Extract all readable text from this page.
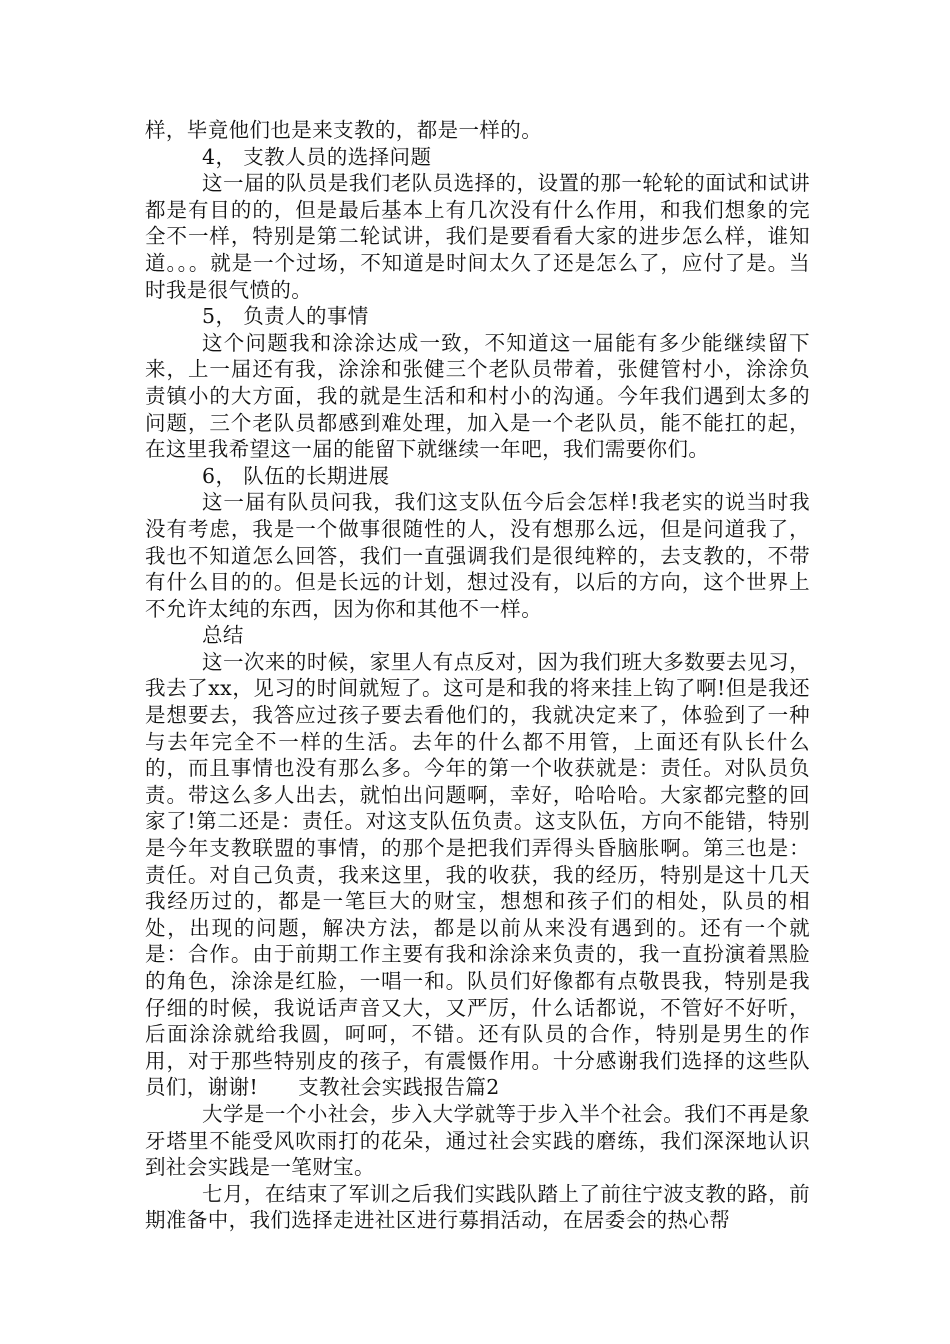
样，毕竟他们也是来支教的，都是一样的。

4， 支教人员的选择问题

这一届的队员是我们老队员选择的，设置的那一轮轮的面试和试讲都是有目的的，但是最后基本上有几次没有什么作用，和我们想象的完全不一样，特别是第二轮试讲，我们是要看看大家的进步怎么样，谁知道。。。就是一个过场，不知道是时间太久了还是怎么了，应付了是。当时我是很气愤的。

5， 负责人的事情

这个问题我和涂涂达成一致，不知道这一届能有多少能继续留下来，上一届还有我，涂涂和张健三个老队员带着，张健管村小，涂涂负责镇小的大方面，我的就是生活和和村小的沟通。今年我们遇到太多的问题，三个老队员都感到难处理，加入是一个老队员，能不能扛的起，在这里我希望这一届的能留下就继续一年吧，我们需要你们。

6， 队伍的长期进展

这一届有队员问我，我们这支队伍今后会怎样!我老实的说当时我没有考虑，我是一个做事很随性的人，没有想那么远，但是问道我了，我也不知道怎么回答，我们一直强调我们是很纯粹的，去支教的，不带有什么目的的。但是长远的计划，想过没有，以后的方向，这个世界上不允许太纯的东西，因为你和其他不一样。

总结

这一次来的时候，家里人有点反对，因为我们班大多数要去见习，我去了xx，见习的时间就短了。这可是和我的将来挂上钩了啊!但是我还是想要去，我答应过孩子要去看他们的，我就决定来了，体验到了一种与去年完全不一样的生活。去年的什么都不用管，上面还有队长什么的，而且事情也没有那么多。今年的第一个收获就是：责任。对队员负责。带这么多人出去，就怕出问题啊，幸好，哈哈哈。大家都完整的回家了!第二还是：责任。对这支队伍负责。这支队伍，方向不能错，特别是今年支教联盟的事情，的那个是把我们弄得头昏脑胀啊。第三也是：责任。对自己负责，我来这里，我的收获，我的经历，特别是这十几天我经历过的，都是一笔巨大的财宝，想想和孩子们的相处，队员的相处，出现的问题，解决方法，都是以前从来没有遇到的。还有一个就是：合作。由于前期工作主要有我和涂涂来负责的，我一直扮演着黑脸的角色，涂涂是红脸，一唱一和。队员们好像都有点敬畏我，特别是我仔细的时候，我说话声音又大，又严厉，什么话都说，不管好不好听，后面涂涂就给我圆，呵呵，不错。还有队员的合作，特别是男生的作用，对于那些特别皮的孩子，有震慑作用。十分感谢我们选择的这些队员们，谢谢! 支教社会实践报告篇2

大学是一个小社会，步入大学就等于步入半个社会。我们不再是象牙塔里不能受风吹雨打的花朵，通过社会实践的磨练，我们深深地认识到社会实践是一笔财宝。

七月，在结束了军训之后我们实践队踏上了前往宁波支教的路，前期准备中，我们选择走进社区进行募捐活动，在居委会的热心帮
